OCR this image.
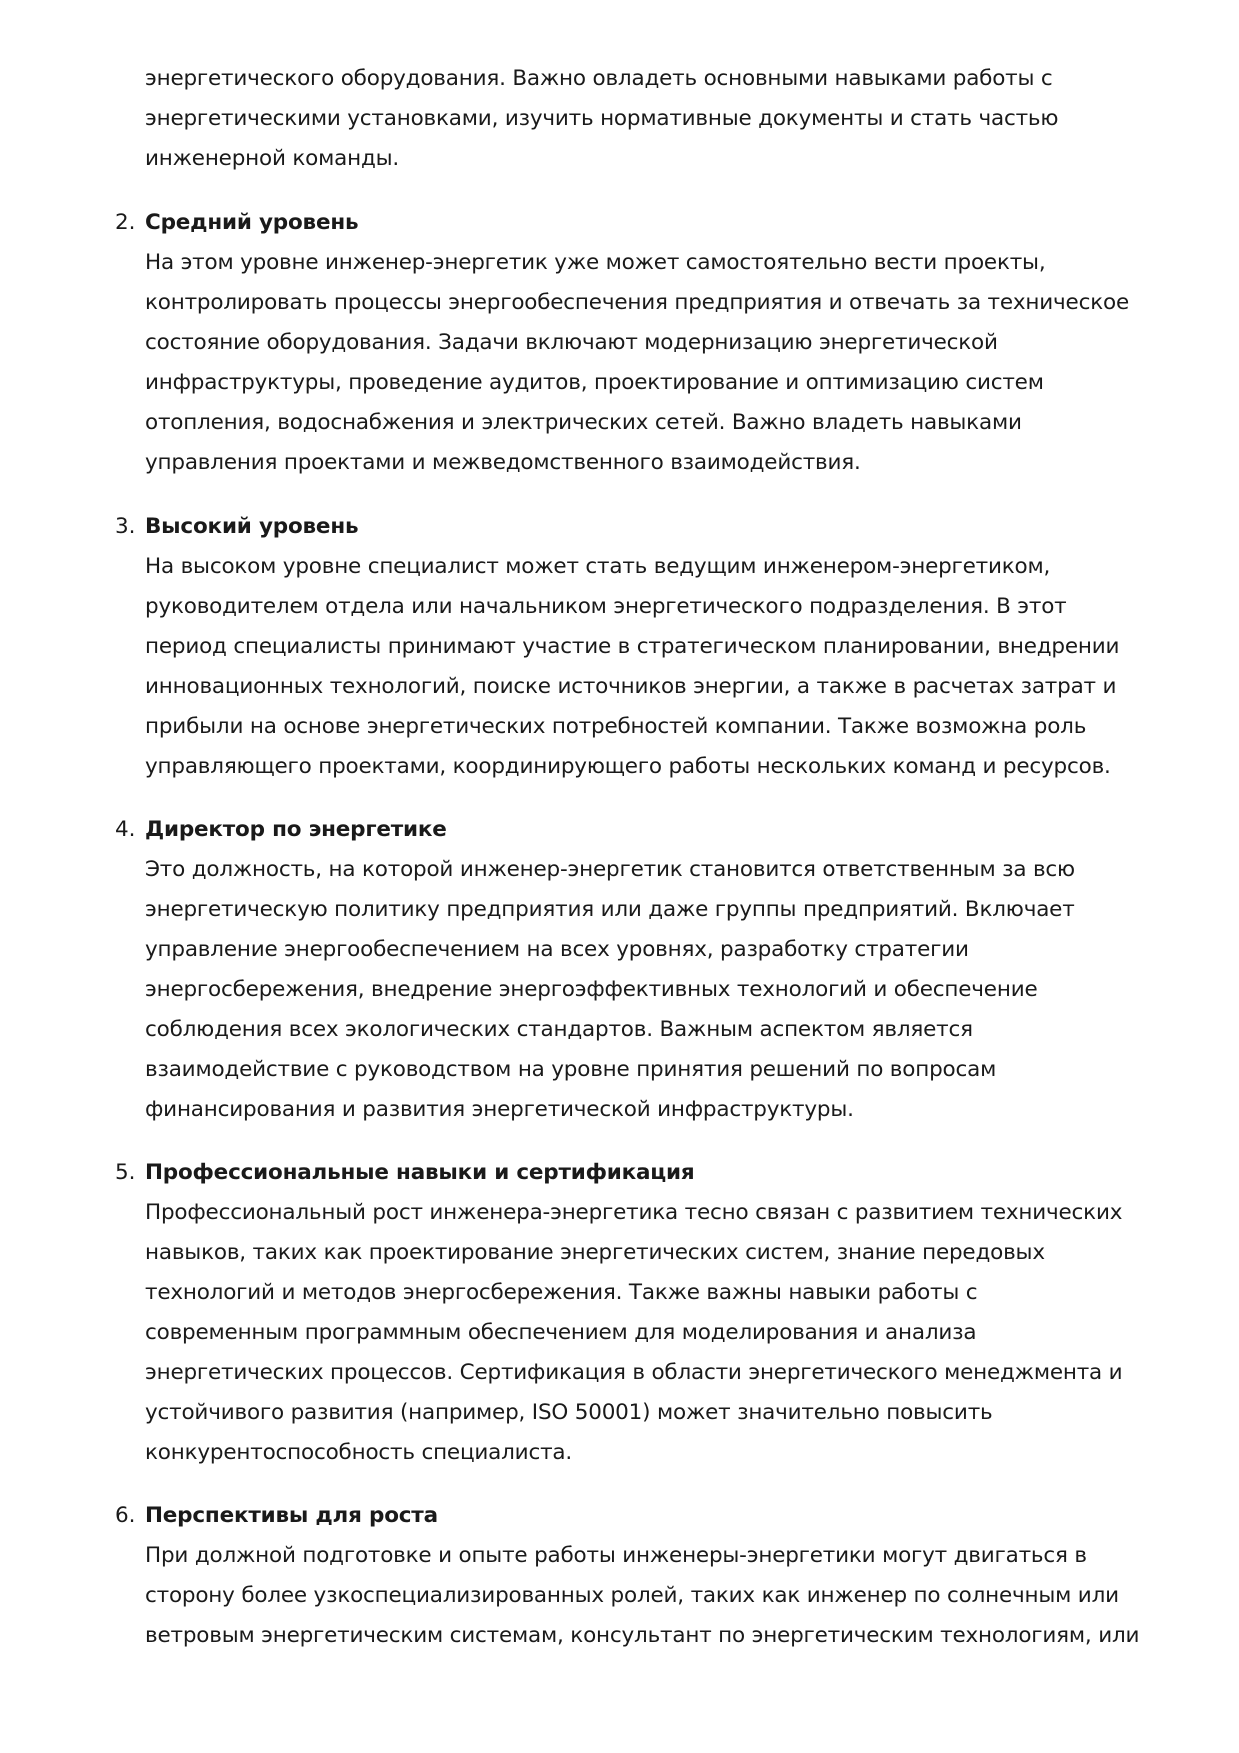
энергетического оборудования. Важно овладеть основными навыками работы с
энергетическими установками, изучить нормативные документы и стать частью
инженерной команды.

2. Средний уровень

На этом уровне инженер-энергетик уже может самостоятельно вести проекты,
контролировать процессы энергообеспечения предприятия и отвечать за техническое
состояние оборудования. Задачи включают модернизацию энергетической
инфраструктуры, проведение аудитов, проектирование и оптимизацию систем
отопления, водоснабжения и электрических сетей. Важно владеть навыками
управления проектами и межведомственного взаимодействия.

3. Высокий уровень

На высоком уровне специалист может стать ведущим инженером-энергетиком,
руководителем отдела или начальником энергетического подразделения. В этот
период специалисты принимают участие в стратегическом планировании, внедрении
инновационных технологий, поиске источников энергии, а также в расчетах затрат и
прибыли на основе энергетических потребностей компании. Также возможна роль
управляющего проектами, координирующего работы нескольких команд и ресурсов.

4. Директор по энергетике

Это должность, на которой инженер-энергетик становится ответственным за всю
энергетическую политику предприятия или даже группы предприятий. Включает
управление энергообеспечением на всех уровнях, разработку стратегии
энергосбережения, внедрение энергоэффективных технологий и обеспечение
соблюдения всех экологических стандартов. Важным аспектом является
взаимодействие с руководством на уровне принятия решений по вопросам
финансирования и развития энергетической инфраструктуры.

5. Профессиональные навыки и сертификация

Профессиональный рост инженера-энергетика тесно связан с развитием технических
навыков, таких как проектирование энергетических систем, знание передовых
технологий и методов энергосбережения. Также важны навыки работы с
современным программным обеспечением для моделирования и анализа
энергетических процессов. Сертификация в области энергетического менеджмента и
устойчивого развития (например, ISO 50001) может значительно повысить
конкурентоспособность специалиста.

6. Перспективы для роста

При должной подготовке и опыте работы инженеры-энергетики могут двигаться в
сторону более узкоспециализированных ролей, таких как инженер по солнечным или
ветровым энергетическим системам, консультант по энергетическим технологиям, или
